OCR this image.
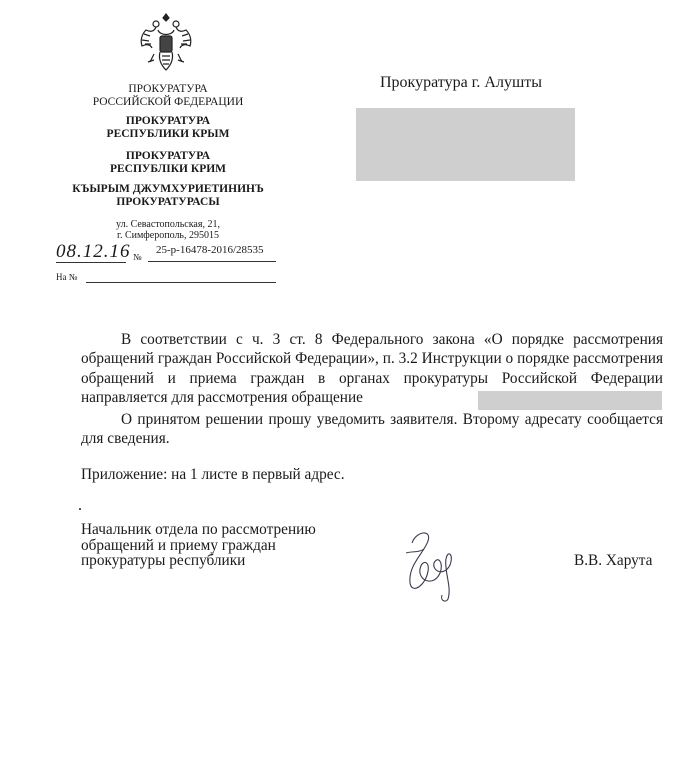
ПРОКУРАТУРА
РОССИЙСКОЙ ФЕДЕРАЦИИ
ПРОКУРАТУРА
РЕСПУБЛИКИ КРЫМ
ПРОКУРАТУРА
РЕСПУБЛIКИ КРИМ
КЪЫРЫМ ДЖУМХУРИЕТИНИНЪ
ПРОКУРАТУРАСЫ
ул. Севастопольская, 21,
г. Симферополь, 295015
08.12.16 №
25-р-16478-2016/28535
На №
Прокуратура г. Алушты
В соответствии с ч. 3 ст. 8 Федерального закона «О порядке рассмотрения обращений граждан Российской Федерации», п. 3.2 Инструкции о порядке рассмотрения обращений и приема граждан в органах прокуратуры Российской Федерации направляется для рассмотрения обращение
О принятом решении прошу уведомить заявителя. Второму адресату сообщается для сведения.
Приложение: на 1 листе в первый адрес.
Начальник отдела по рассмотрению
обращений и приему граждан
прокуратуры республики	В.В. Харута
